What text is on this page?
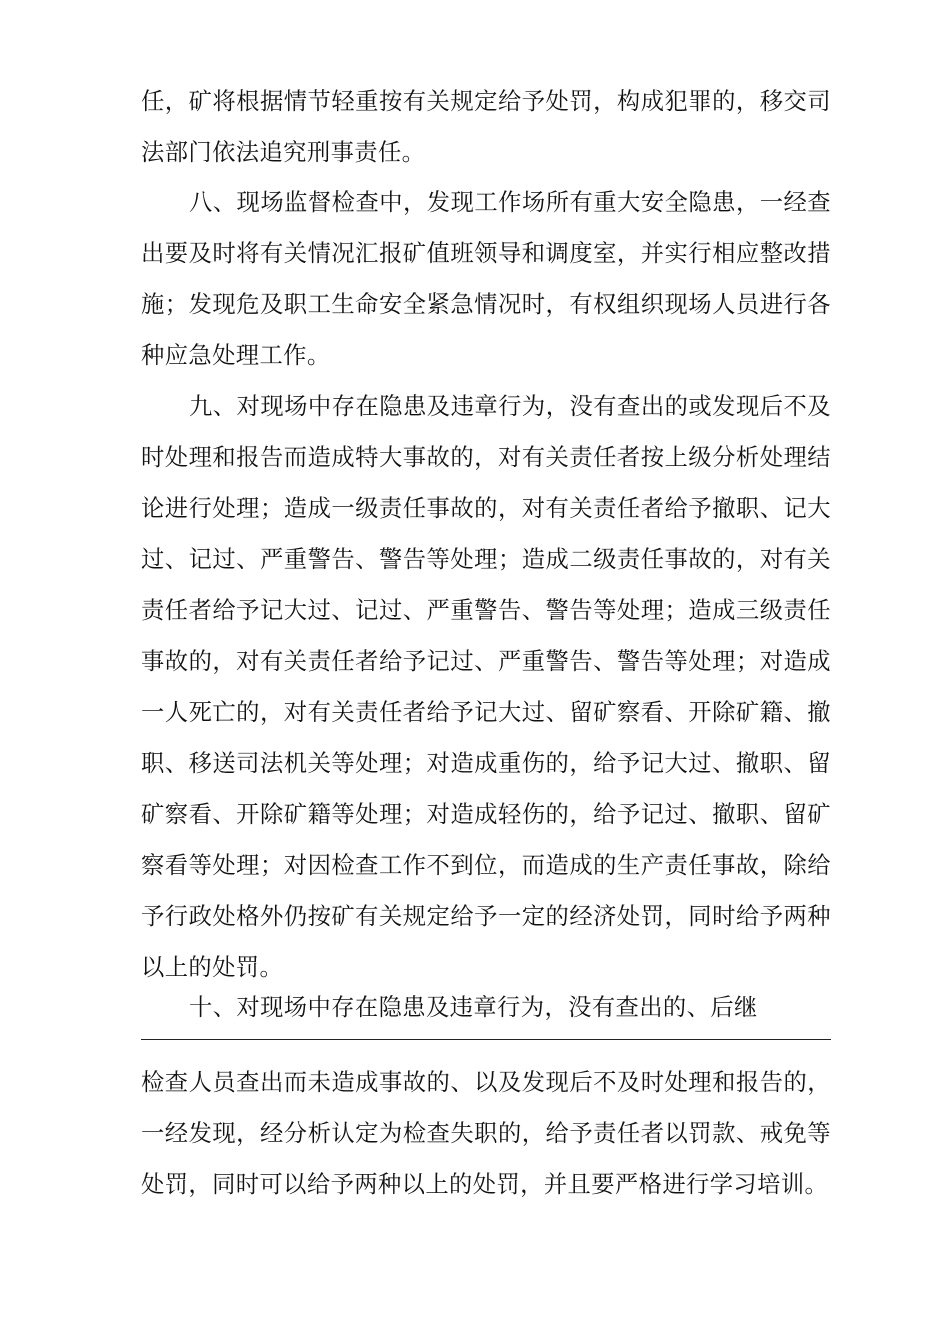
任，矿将根据情节轻重按有关规定给予处罚，构成犯罪的，移交司法部门依法追究刑事责任。

八、现场监督检查中，发现工作场所有重大安全隐患，一经查出要及时将有关情况汇报矿值班领导和调度室，并实行相应整改措施；发现危及职工生命安全紧急情况时，有权组织现场人员进行各种应急处理工作。

九、对现场中存在隐患及违章行为，没有查出的或发现后不及时处理和报告而造成特大事故的，对有关责任者按上级分析处理结论进行处理；造成一级责任事故的，对有关责任者给予撤职、记大过、记过、严重警告、警告等处理；造成二级责任事故的，对有关责任者给予记大过、记过、严重警告、警告等处理；造成三级责任事故的，对有关责任者给予记过、严重警告、警告等处理；对造成一人死亡的，对有关责任者给予记大过、留矿察看、开除矿籍、撤职、移送司法机关等处理；对造成重伤的，给予记大过、撤职、留矿察看、开除矿籍等处理；对造成轻伤的，给予记过、撤职、留矿察看等处理；对因检查工作不到位，而造成的生产责任事故，除给予行政处格外仍按矿有关规定给予一定的经济处罚，同时给予两种以上的处罚。

十、对现场中存在隐患及违章行为，没有查出的、后继

检查人员查出而未造成事故的、以及发现后不及时处理和报告的，一经发现，经分析认定为检查失职的，给予责任者以罚款、戒免等处罚，同时可以给予两种以上的处罚，并且要严格进行学习培训。
